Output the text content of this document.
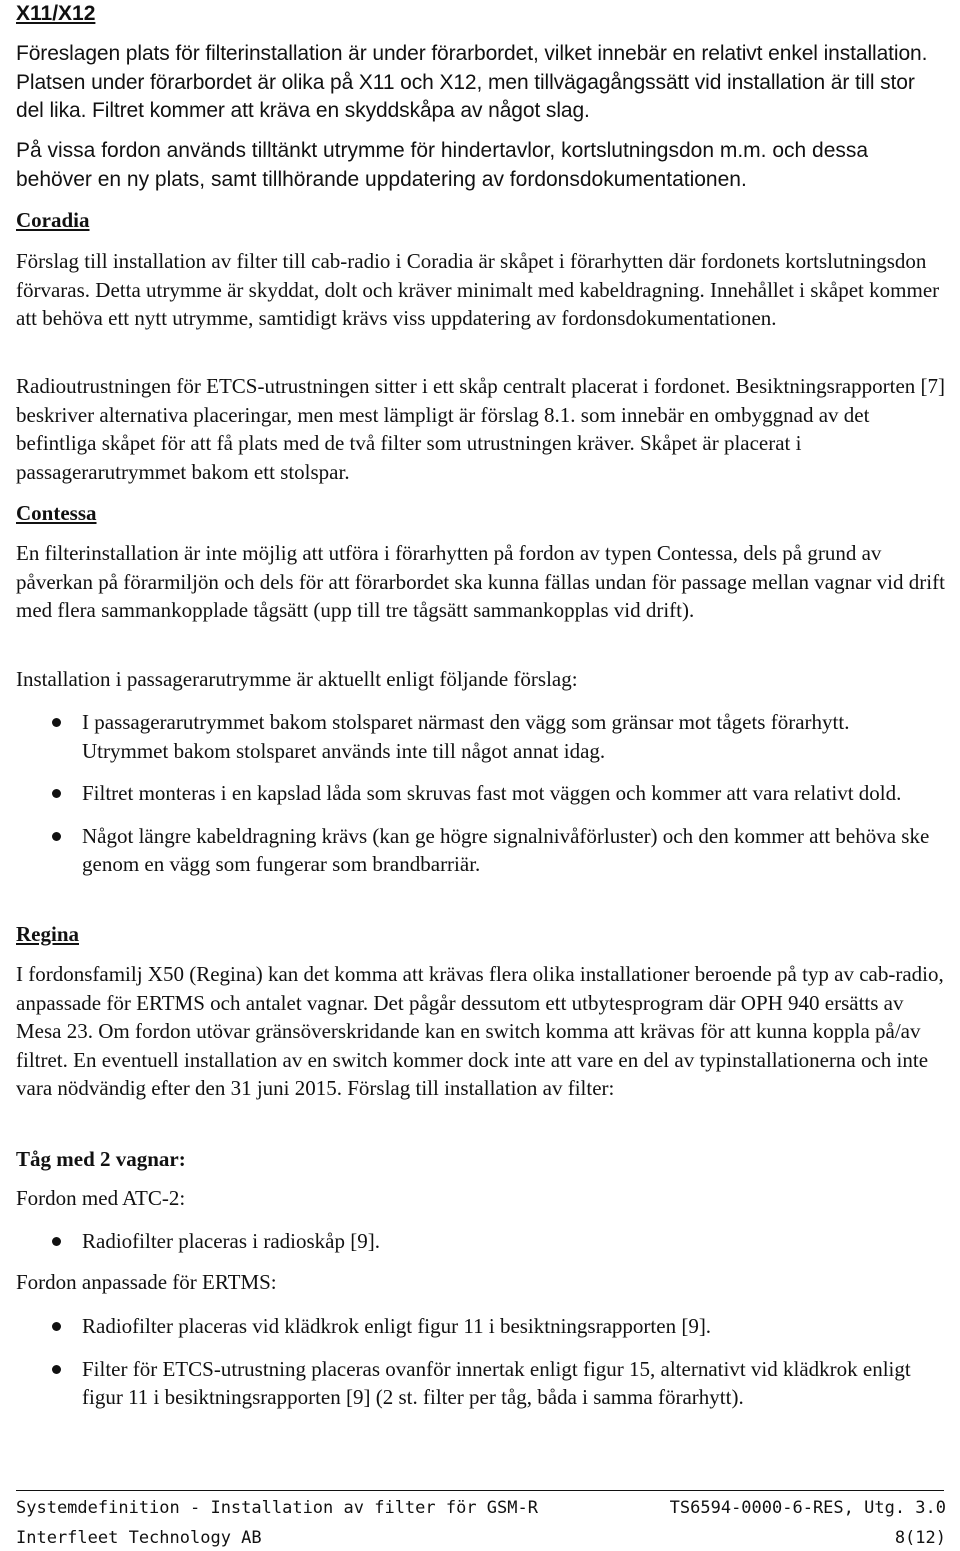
X11/X12

Föreslagen plats för filterinstallation är under förarbordet, vilket innebär en relativt enkel installation. Platsen under förarbordet är olika på X11 och X12, men tillvägagångssätt vid installation är till stor del lika. Filtret kommer att kräva en skyddskåpa av något slag.

På vissa fordon används tilltänkt utrymme för hindertavlor, kortslutningsdon m.m. och dessa behöver en ny plats, samt tillhörande uppdatering av fordonsdokumentationen.

Coradia

Förslag till installation av filter till cab-radio i Coradia är skåpet i förarhytten där fordonets kortslutningsdon förvaras. Detta utrymme är skyddat, dolt och kräver minimalt med kabeldragning. Innehållet i skåpet kommer att behöva ett nytt utrymme, samtidigt krävs viss uppdatering av fordonsdokumentationen.

Radioutrustningen för ETCS-utrustningen sitter i ett skåp centralt placerat i fordonet. Besiktningsrapporten [7] beskriver alternativa placeringar, men mest lämpligt är förslag 8.1. som innebär en ombyggnad av det befintliga skåpet för att få plats med de två filter som utrustningen kräver. Skåpet är placerat i passagerarutrymmet bakom ett stolspar.

Contessa

En filterinstallation är inte möjlig att utföra i förarhytten på fordon av typen Contessa, dels på grund av påverkan på förarmiljön och dels för att förarbordet ska kunna fällas undan för passage mellan vagnar vid drift med flera sammankopplade tågsätt (upp till tre tågsätt sammankopplas vid drift).

Installation i passagerarutrymme är aktuellt enligt följande förslag:

I passagerarutrymmet bakom stolsparet närmast den vägg som gränsar mot tågets förarhytt. Utrymmet bakom stolsparet används inte till något annat idag.
Filtret monteras i en kapslad låda som skruvas fast mot väggen och kommer att vara relativt dold.
Något längre kabeldragning krävs (kan ge högre signalnivåförluster) och den kommer att behöva ske genom en vägg som fungerar som brandbarriär.
Regina

I fordonsfamilj X50 (Regina) kan det komma att krävas flera olika installationer beroende på typ av cab-radio, anpassade för ERTMS och antalet vagnar. Det pågår dessutom ett utbytesprogram där OPH 940 ersätts av Mesa 23. Om fordon utövar gränsöverskridande kan en switch komma att krävas för att kunna koppla på/av filtret. En eventuell installation av en switch kommer dock inte att vare en del av typinstallationerna och inte vara nödvändig efter den 31 juni 2015. Förslag till installation av filter:

Tåg med 2 vagnar:

Fordon med ATC-2:

Radiofilter placeras i radioskåp [9].

Fordon anpassade för ERTMS:

Radiofilter placeras vid klädkrok enligt figur 11 i besiktningsrapporten [9].
Filter för ETCS-utrustning placeras ovanför innertak enligt figur 15, alternativt vid klädkrok enligt figur 11 i besiktningsrapporten [9] (2 st. filter per tåg, båda i samma förarhytt).
Systemdefinition - Installation av filter för GSM-R	TS6594-0000-6-RES, Utg. 3.0
Interfleet Technology AB	8(12)
